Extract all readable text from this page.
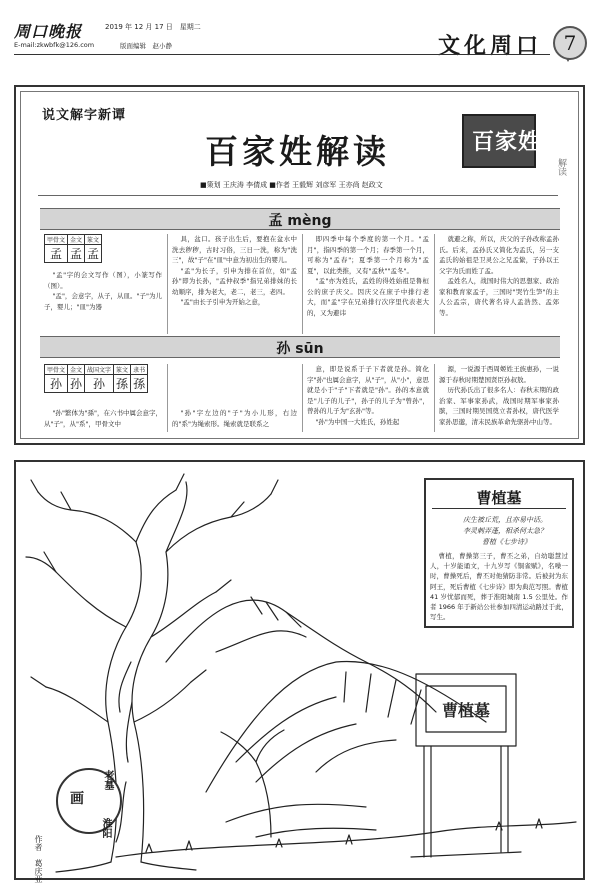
周口晚报	2019 年 12 月 17 日　星期二
E-mail:zkwbfk@126.com	版面编辑　赵小静	文化周口	7
说文解字新谭
百家姓解读	百家姓
解读
■策划 王庆涛 李倩成 ■作者 王毅辉 刘彦军 王亦尚 赵政文
孟 mèng
甲骨文	金文	篆文
孟	孟	孟

"孟"字的会文写作（图），小篆写作（图）。

"孟"，会意字，从子，从皿。"子"为儿子，婴儿；"皿"为器

具，盆口。孩子出生后，要抱在盆水中洗去秽秽，古时习俗，三日一洗，称为"洗三"，故"子"在"皿"中意为初出生的婴儿。

"孟"为长子，引申为排在首位，如"孟孙"即为长孙，"孟仲叔季"指兄弟排妹的长幼顺序，排为老大，老二，老三，老四。

"孟"由长子引申为开始之意，

即四季中每个季度的第一个月。"孟月"，指四季的第一个月；春季第一个月，可称为"孟春"；夏季第一个月称为"孟夏"，以此类推，又有"孟秋""孟冬"。

"孟"亦为姓氏，孟姓的得姓始祖是鲁桓公的庶子庆父。因庆父在庶子中排行老大，而"孟"字在兄弟排行次序里代表老大的，又为避讳

就避之称，所以，庆父的子孙改称孟孙氏。后来，孟孙氏又简化为孟氏，另一支孟氏的始祖是卫灵公之兄孟絷，子孙以王父字为氏而姓了孟。

孟姓名人，战国时伟大的思想家、政治家和教育家孟子，三国时"哭竹生笋"的主人公孟宗，唐代著名诗人孟浩然、孟郊等。

孙 sūn
甲骨文	金文	战国文字	篆文	隶书
孙	孙	孙	孫	孫

"孙"繁体为"孫"，在六书中属会意字，从"子"，从"系"，甲骨文中

"孙"字左边的"子"为小儿形，右边的"系"为绳索形。绳索就是联系之

意，即是说系于子下者就是孙。简化字"孙"也属会意字，从"子"，从"小"，意思就是小于"子"下者就是"孙"。孙的本意就是"儿子的儿子"，孙子的儿子为"曾孙"，曾孙的儿子为"玄孙"等。

"孙"为中国一大姓氏，孙姓起

源，一说源于西周姬姓王族惠孙，一说源于春秋时期楚国贤臣孙叔敖。

历代孙氏出了很多名人：春秋末期的政治家、军事家孙武，战国时期军事家孙膑，三国时期吴国奠立者孙权，唐代医学家孙思邈，清末民族革命先驱孙中山等。

曹植墓
曹植墓
庆生被丘荒，且亦易中话。
李灵刺弄蓬，相杀何太急？
曹植《七步诗》
曹植，曹操第三子，曹丕之弟，自幼聪慧过人，十岁能诵文，十九岁写《铜雀赋》，名噪一时，曹操死后，曹丕对他猜防非常。后被封为东阿王，死后曹植《七步诗》即为典范写照。曹植 41 岁忧郁而死，葬于淮阳城南 1.5 公里处。作者 1966 年于新站公社参加四清运动路过于此，写生。
老墓
画
淮阳
作者　葛庆亚
